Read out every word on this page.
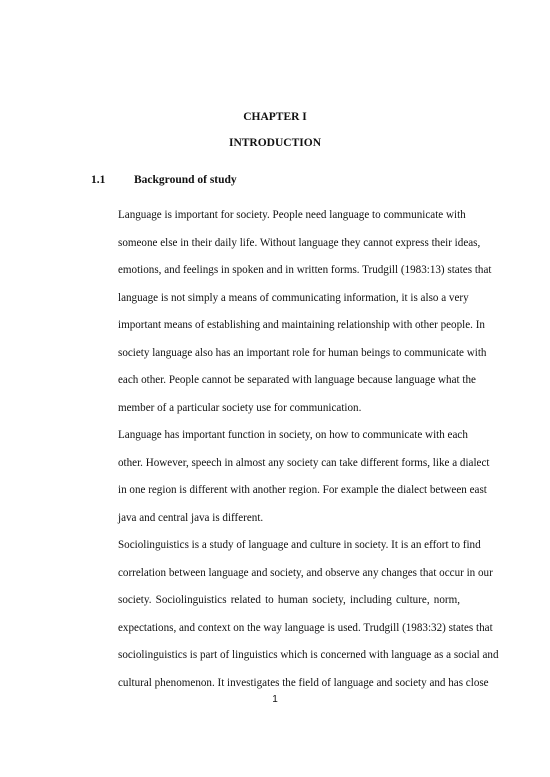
CHAPTER I

INTRODUCTION

1.1 Background of study

Language is important for society. People need language to communicate with
someone else in their daily life. Without language they cannot express their ideas,
emotions, and feelings in spoken and in written forms. Trudgill (1983:13) states that
language is not simply a means of communicating information, it is also a very
important means of establishing and maintaining relationship with other people. In
society language also has an important role for human beings to communicate with
each other. People cannot be separated with language because language what the
member of a particular society use for communication.

Language has important function in society, on how to communicate with each
other. However, speech in almost any society can take different forms, like a dialect
in one region is different with another region. For example the dialect between east
java and central java is different.

Sociolinguistics is a study of language and culture in society. It is an effort to find
correlation between language and society, and observe any changes that occur in our
society. Sociolinguistics related to human society, including culture, norm,
expectations, and context on the way language is used. Trudgill (1983:32) states that
sociolinguistics is part of linguistics which is concerned with language as a social and
cultural phenomenon. It investigates the field of language and society and has close

1
